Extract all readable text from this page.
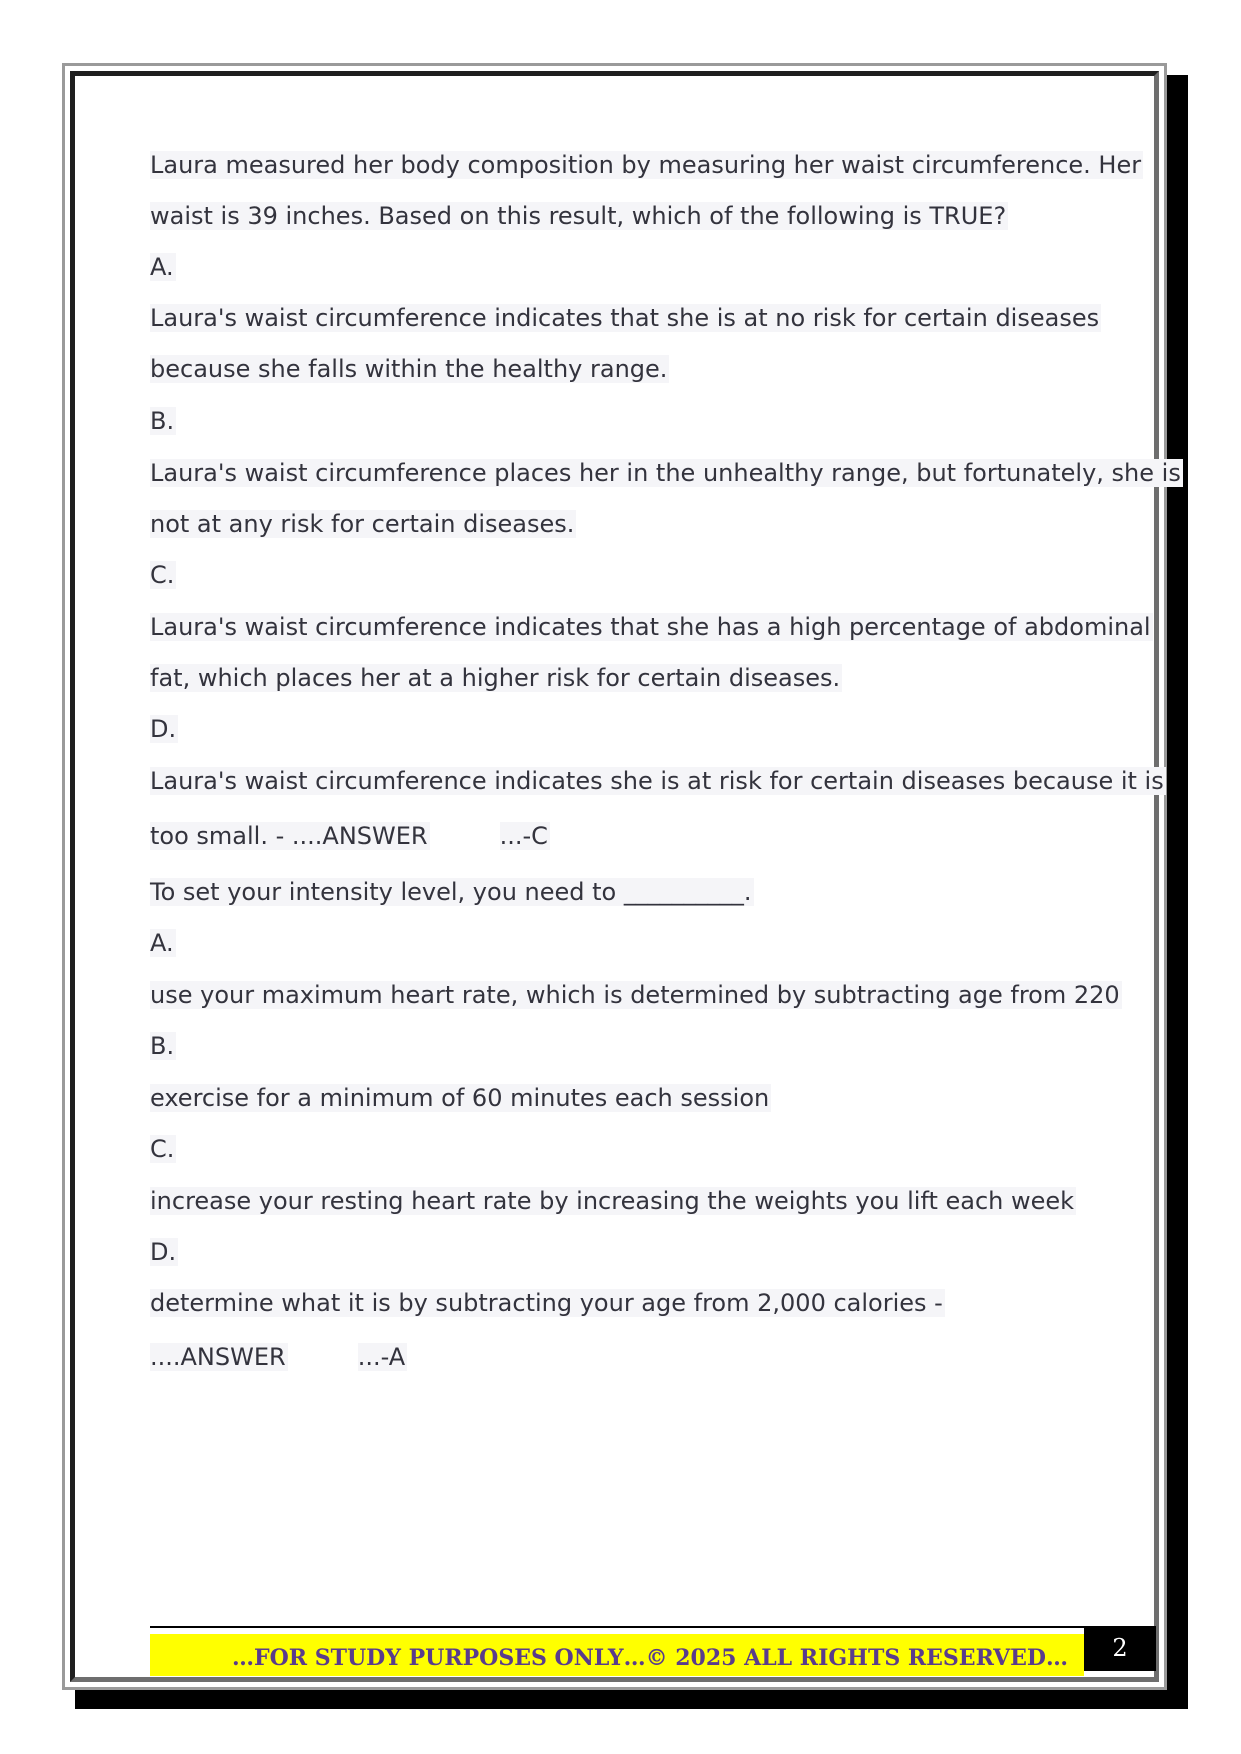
Laura measured her body composition by measuring her waist circumference. Her
waist is 39 inches. Based on this result, which of the following is TRUE?
A.
Laura's waist circumference indicates that she is at no risk for certain diseases
because she falls within the healthy range.
B.
Laura's waist circumference places her in the unhealthy range, but fortunately, she is
not at any risk for certain diseases.
C.
Laura's waist circumference indicates that she has a high percentage of abdominal
fat, which places her at a higher risk for certain diseases.
D.
Laura's waist circumference indicates she is at risk for certain diseases because it is
too small. - ....ANSWER	...-C
To set your intensity level, you need to __________.
A.
use your maximum heart rate, which is determined by subtracting age from 220
B.
exercise for a minimum of 60 minutes each session
C.
increase your resting heart rate by increasing the weights you lift each week
D.
determine what it is by subtracting your age from 2,000 calories -
....ANSWER	...-A
…FOR STUDY PURPOSES ONLY…© 2025 ALL RIGHTS RESERVED…	2
